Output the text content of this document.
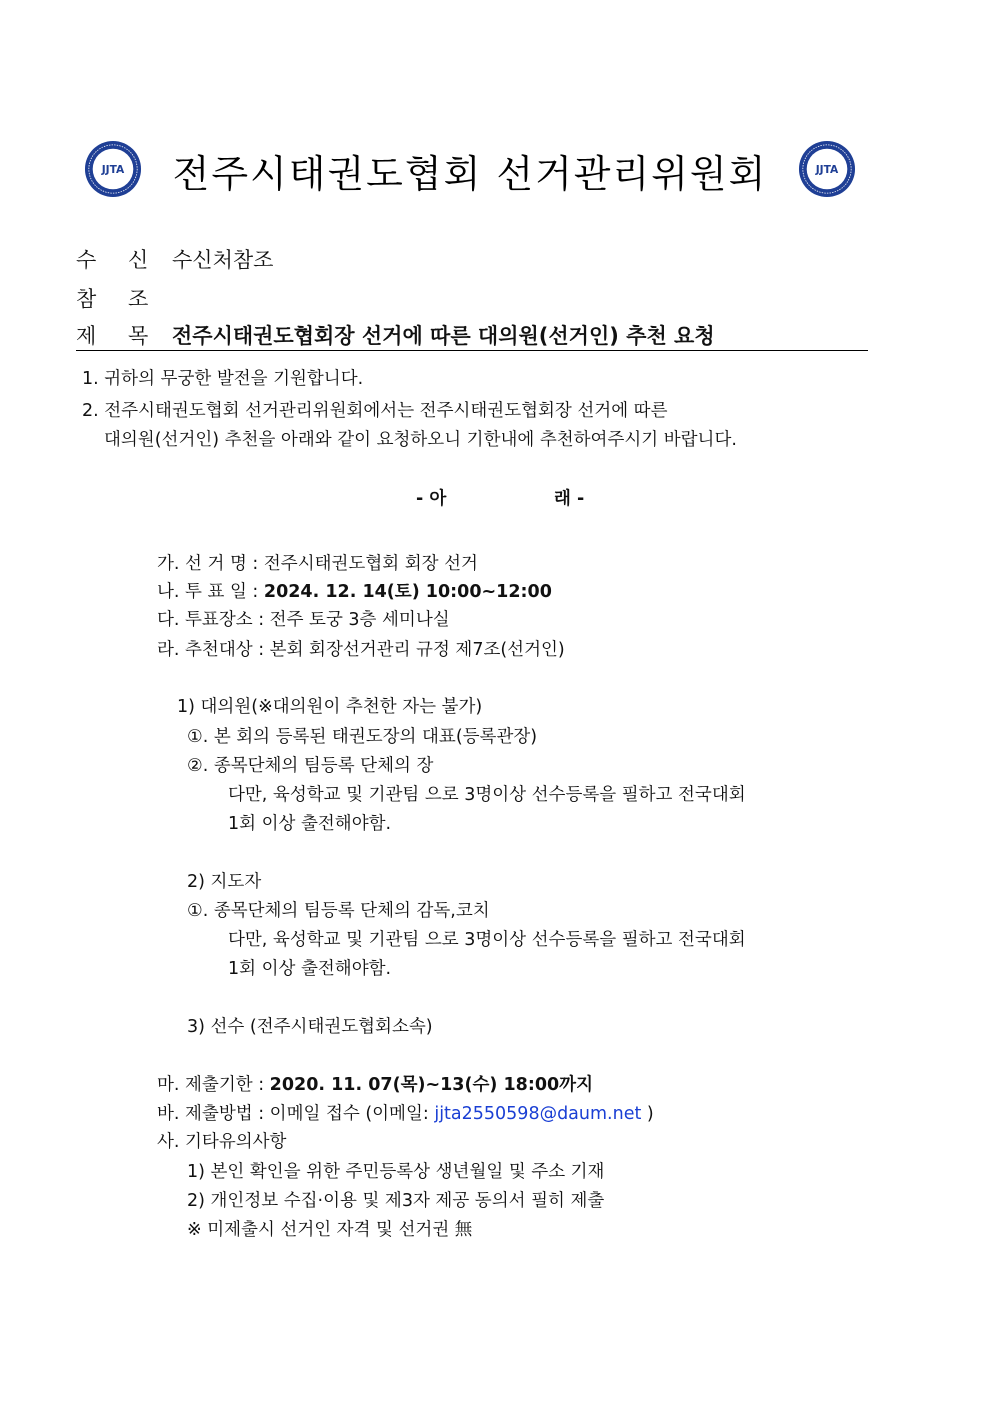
JJTA	JJTA
전주시태권도협회 선거관리위원회
수 신 수신처참조
참 조
제 목 전주시태권도협회장 선거에 따른 대의원(선거인) 추천 요청
1. 귀하의 무궁한 발전을 기원합니다.
2. 전주시태권도협회 선거관리위원회에서는 전주시태권도협회장 선거에 따른
대의원(선거인) 추천을 아래와 같이 요청하오니 기한내에 추천하여주시기 바랍니다.
- 아	래 -
가. 선 거 명 : 전주시태권도협회 회장 선거
나. 투 표 일 : 2024. 12. 14(토) 10:00~12:00
다. 투표장소 : 전주 토궁 3층 세미나실
라. 추천대상 : 본회 회장선거관리 규정 제7조(선거인)
1) 대의원(※대의원이 추천한 자는 불가)
①. 본 회의 등록된 태권도장의 대표(등록관장)
②. 종목단체의 팀등록 단체의 장
다만, 육성학교 및 기관팀 으로 3명이상 선수등록을 필하고 전국대회
1회 이상 출전해야함.
2) 지도자
①. 종목단체의 팀등록 단체의 감독,코치
다만, 육성학교 및 기관팀 으로 3명이상 선수등록을 필하고 전국대회
1회 이상 출전해야함.
3) 선수 (전주시태권도협회소속)
마. 제출기한 : 2020. 11. 07(목)~13(수) 18:00까지
바. 제출방법 : 이메일 접수 (이메일: jjta2550598@daum.net )
사. 기타유의사항
1) 본인 확인을 위한 주민등록상 생년월일 및 주소 기재
2) 개인정보 수집·이용 및 제3자 제공 동의서 필히 제출
※ 미제출시 선거인 자격 및 선거권 無
